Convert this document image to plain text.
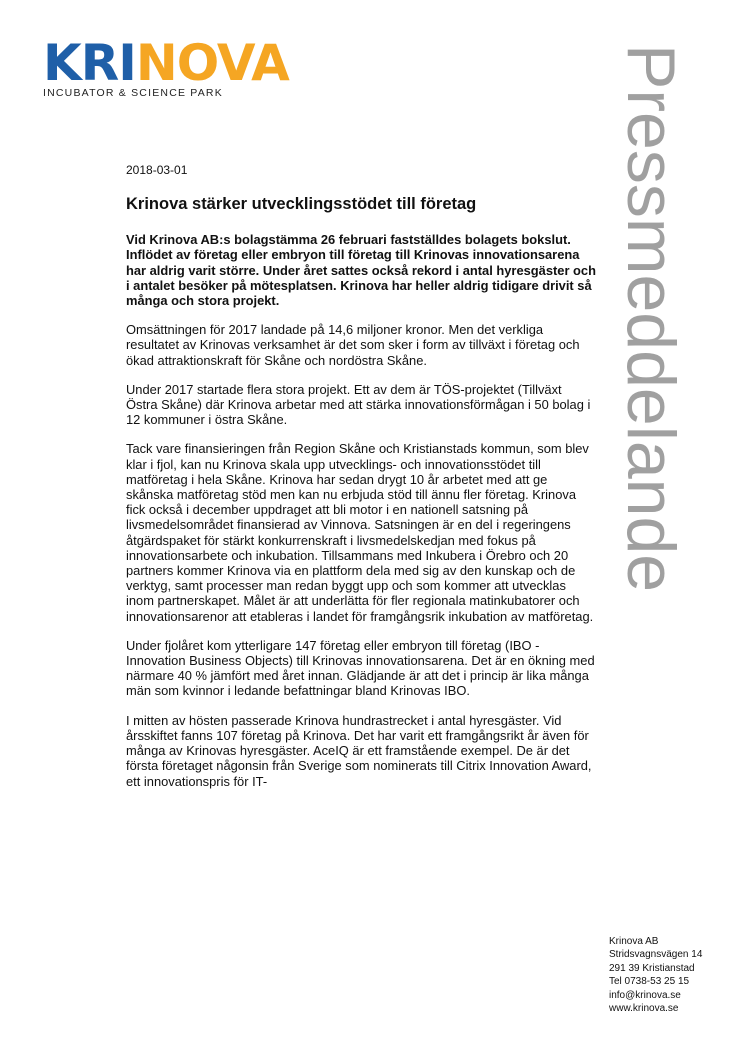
KRINOVA
INCUBATOR & SCIENCE PARK	Pressmeddelande

2018-03-01

Krinova stärker utvecklingsstödet till företag

Vid Krinova AB:s bolagstämma 26 februari fastställdes bolagets bokslut. Inflödet av företag eller embryon till företag till Krinovas innovationsarena har aldrig varit större. Under året sattes också rekord i antal hyresgäster och i antalet besöker på mötesplatsen. Krinova har heller aldrig tidigare drivit så många och stora projekt.

Omsättningen för 2017 landade på 14,6 miljoner kronor. Men det verkliga resultatet av Krinovas verksamhet är det som sker i form av tillväxt i företag och ökad attraktionskraft för Skåne och nordöstra Skåne.

Under 2017 startade flera stora projekt. Ett av dem är TÖS-projektet (Tillväxt Östra Skåne) där Krinova arbetar med att stärka innovationsförmågan i 50 bolag i 12 kommuner i östra Skåne.

Tack vare finansieringen från Region Skåne och Kristianstads kommun, som blev klar i fjol, kan nu Krinova skala upp utvecklings- och innovationsstödet till matföretag i hela Skåne. Krinova har sedan drygt 10 år arbetet med att ge skånska matföretag stöd men kan nu erbjuda stöd till ännu fler företag. Krinova fick också i december uppdraget att bli motor i en nationell satsning på livsmedelsområdet finansierad av Vinnova. Satsningen är en del i regeringens åtgärdspaket för stärkt konkurrenskraft i livsmedelskedjan med fokus på innovationsarbete och inkubation. Tillsammans med Inkubera i Örebro och 20 partners kommer Krinova via en plattform dela med sig av den kunskap och de verktyg, samt processer man redan byggt upp och som kommer att utvecklas inom partnerskapet. Målet är att underlätta för fler regionala matinkubatorer och innovationsarenor att etableras i landet för framgångsrik inkubation av matföretag.

Under fjolåret kom ytterligare 147 företag eller embryon till företag (IBO - Innovation Business Objects) till Krinovas innovationsarena. Det är en ökning med närmare 40 % jämfört med året innan. Glädjande är att det i princip är lika många män som kvinnor i ledande befattningar bland Krinovas IBO.

I mitten av hösten passerade Krinova hundrastrecket i antal hyresgäster. Vid årsskiftet fanns 107 företag på Krinova. Det har varit ett framgångsrikt år även för många av Krinovas hyresgäster. AceIQ är ett framstående exempel. De är det första företaget någonsin från Sverige som nominerats till Citrix Innovation Award, ett innovationspris för IT-

Krinova AB
Stridsvagnsvägen 14
291 39 Kristianstad
Tel 0738-53 25 15
info@krinova.se
www.krinova.se
